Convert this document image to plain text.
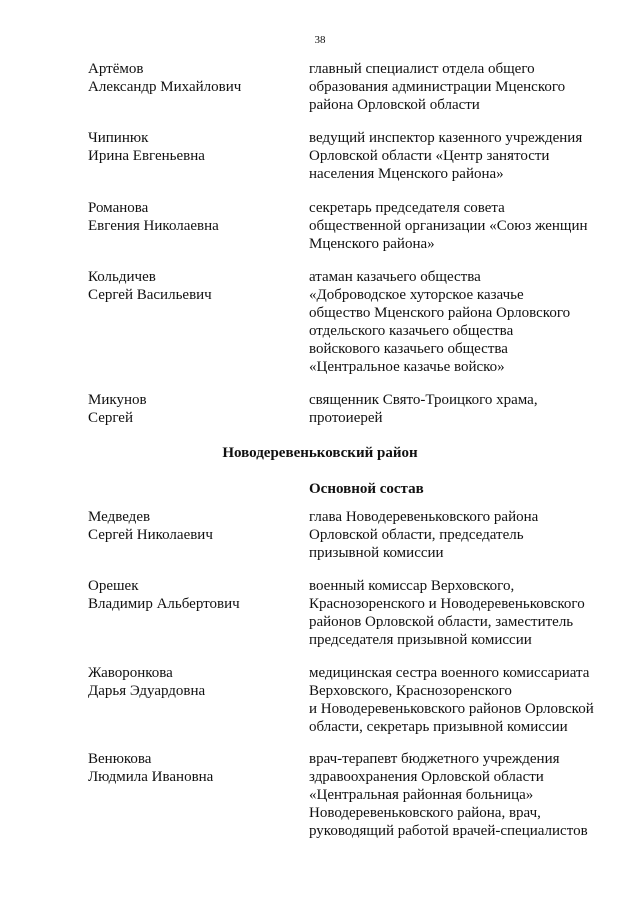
38
Артёмов
Александр Михайлович
главный специалист отдела общего
образования администрации Мценского
района Орловской области
Чипинюк
Ирина Евгеньевна
ведущий инспектор казенного учреждения
Орловской области «Центр занятости
населения Мценского района»
Романова
Евгения Николаевна
секретарь председателя совета
общественной организации «Союз женщин
Мценского района»
Кольдичев
Сергей Васильевич
атаман казачьего общества
«Доброводское хуторское казачье
общество Мценского района Орловского
отдельского казачьего общества
войскового казачьего общества
«Центральное казачье войско»
Микунов
Сергей
священник Свято-Троицкого храма,
протоиерей
Новодеревеньковский район
Основной состав
Медведев
Сергей Николаевич
глава Новодеревеньковского района
Орловской области, председатель
призывной комиссии
Орешек
Владимир Альбертович
военный комиссар Верховского,
Краснозоренского и Новодеревеньковского
районов Орловской области, заместитель
председателя призывной комиссии
Жаворонкова
Дарья Эдуардовна
медицинская сестра военного комиссариата
Верховского, Краснозоренского
и Новодеревеньковского районов Орловской
области, секретарь призывной комиссии
Венюкова
Людмила Ивановна
врач-терапевт бюджетного учреждения
здравоохранения Орловской области
«Центральная районная больница»
Новодеревеньковского района, врач,
руководящий работой врачей-специалистов
